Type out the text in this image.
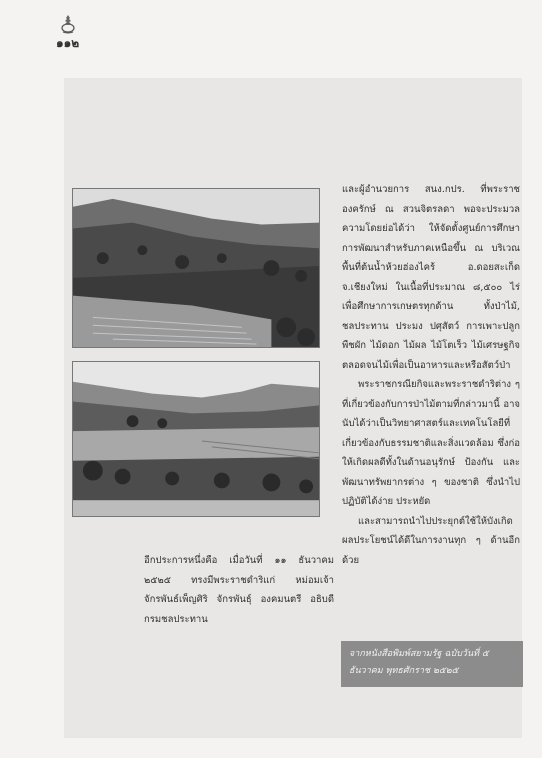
๑๑๒

และผู้อำนวยการ สนง.กปร. ที่พระราชองครักษ์ ณ สวนจิตรลดา พอจะประมวลความโดยย่อได้ว่า ให้จัดตั้งศูนย์การศึกษาการพัฒนาสำหรับภาคเหนือขึ้น ณ บริเวณพื้นที่ต้นน้ำห้วยฮ่องไคร้ อ.ดอยสะเก็ด จ.เชียงใหม่ ในเนื้อที่ประมาณ ๘,๕๐๐ ไร่ เพื่อศึกษาการเกษตรทุกด้าน ทั้งป่าไม้, ชลประทาน ประมง ปศุสัตว์ การเพาะปลูกพืชผัก ไม้ดอก ไม้ผล ไม้โตเร็ว ไม้เศรษฐกิจ ตลอดจนไม้เพื่อเป็นอาหารและหรือสัตว์ป่า

พระราชกรณียกิจและพระราชดำริต่าง ๆ ที่เกี่ยวข้องกับการป่าไม้ตามที่กล่าวมานี้ อาจนับได้ว่าเป็นวิทยาศาสตร์และเทคโนโลยีที่เกี่ยวข้องกับธรรมชาติและสิ่งแวดล้อม ซึ่งก่อให้เกิดผลดีทั้งในด้านอนุรักษ์ ป้องกัน และพัฒนาทรัพยากรต่าง ๆ ของชาติ ซึ่งนำไปปฏิบัติได้ง่าย ประหยัด

และสามารถนำไปประยุกต์ใช้ให้บังเกิดผลประโยชน์ได้ดีในการงานทุก ๆ ด้านอีกด้วย

อีกประการหนึ่งคือ เมื่อวันที่ ๑๑ ธันวาคม ๒๕๒๕ ทรงมีพระราชดำริแก่ หม่อมเจ้าจักรพันธ์เพ็ญศิริ จักรพันธุ์ องคมนตรี อธิบดีกรมชลประทาน

จากหนังสือพิมพ์สยามรัฐ ฉบับวันที่ ๕
ธันวาคม พุทธศักราช ๒๕๒๕
